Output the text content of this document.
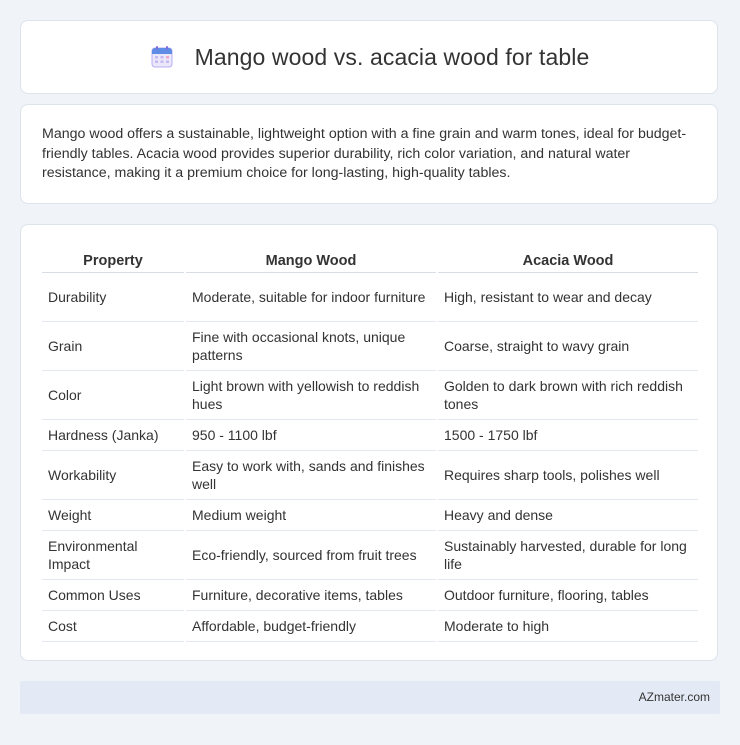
Mango wood vs. acacia wood for table

Mango wood offers a sustainable, lightweight option with a fine grain and warm tones, ideal for budget-friendly tables. Acacia wood provides superior durability, rich color variation, and natural water resistance, making it a premium choice for long-lasting, high-quality tables.

Property	Mango Wood	Acacia Wood
Durability	Moderate, suitable for indoor furniture	High, resistant to wear and decay
Grain	Fine with occasional knots, unique patterns	Coarse, straight to wavy grain
Color	Light brown with yellowish to reddish hues	Golden to dark brown with rich reddish tones
Hardness (Janka)	950 - 1100 lbf	1500 - 1750 lbf
Workability	Easy to work with, sands and finishes well	Requires sharp tools, polishes well
Weight	Medium weight	Heavy and dense
Environmental Impact	Eco-friendly, sourced from fruit trees	Sustainably harvested, durable for long life
Common Uses	Furniture, decorative items, tables	Outdoor furniture, flooring, tables
Cost	Affordable, budget-friendly	Moderate to high
AZmater.com
